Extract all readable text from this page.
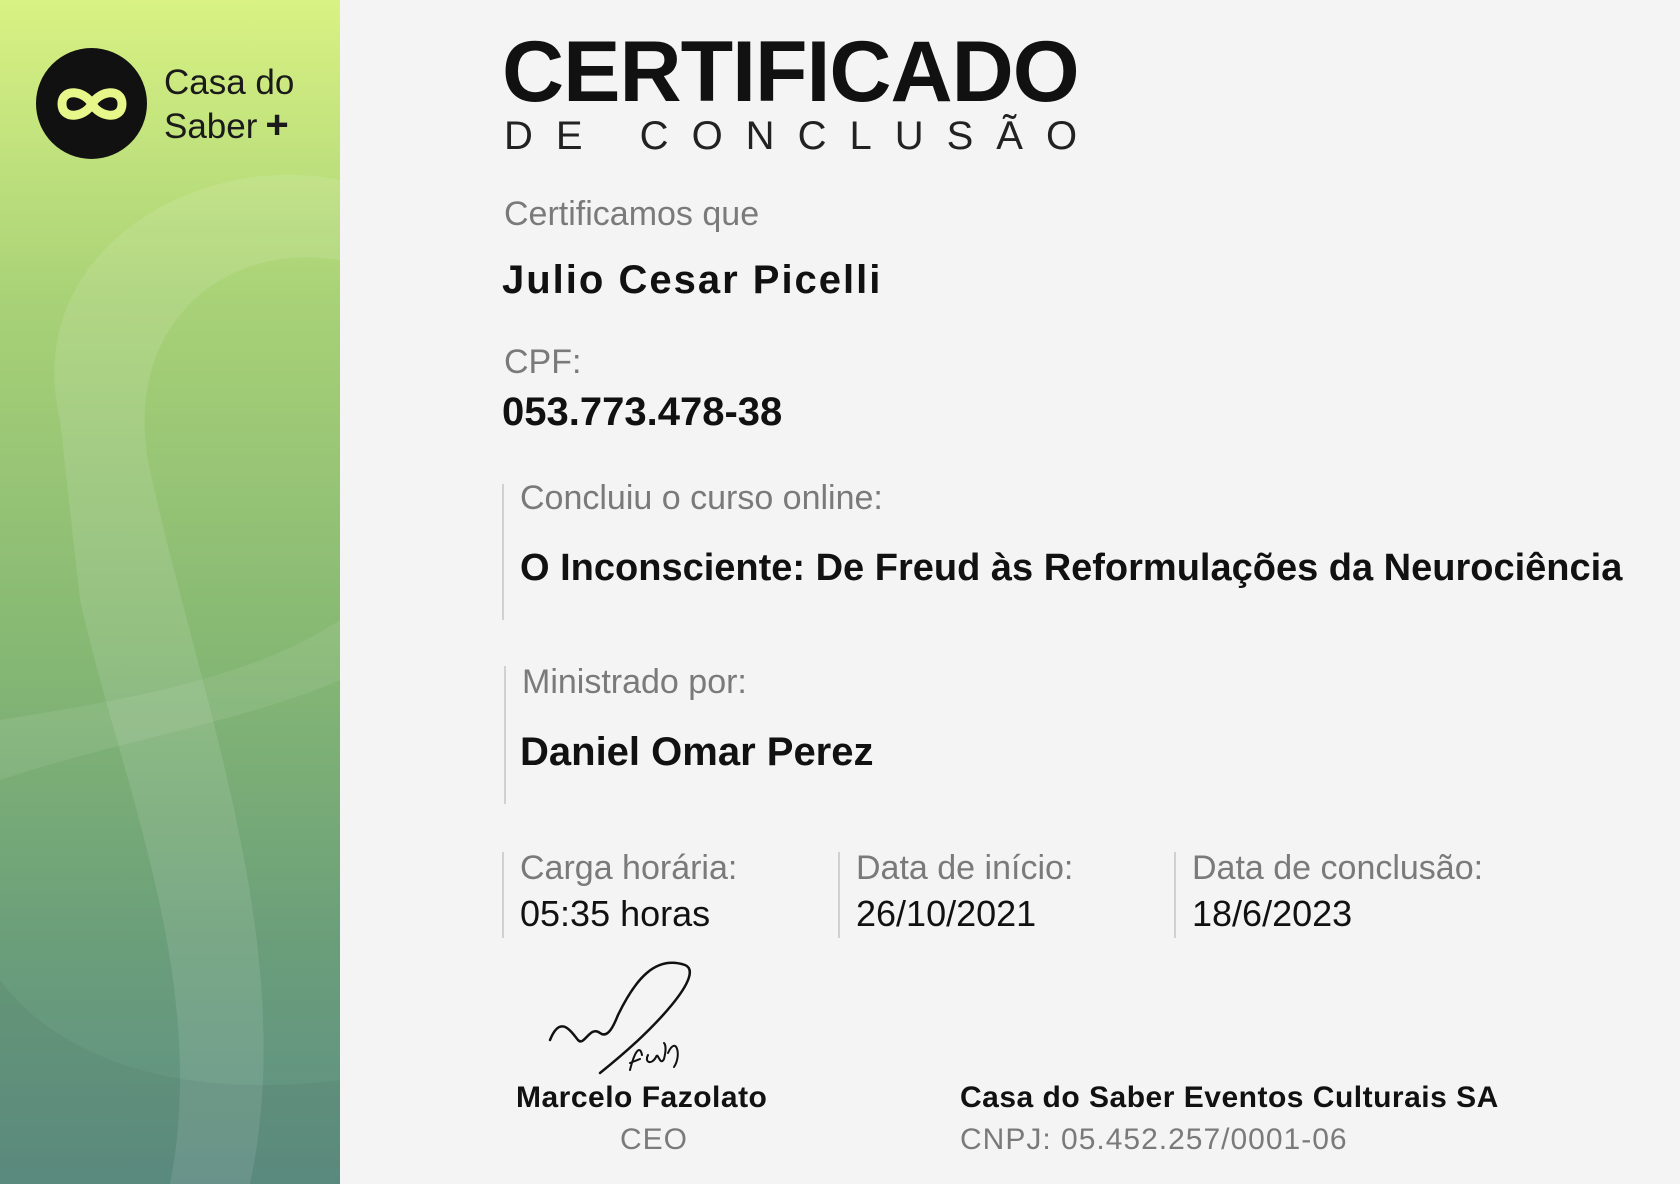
Casa do
Saber +
CERTIFICADO
DE CONCLUSÃO
Certificamos que
Julio Cesar Picelli
CPF:
053.773.478-38
Concluiu o curso online:
O Inconsciente: De Freud às Reformulações da Neurociência
Ministrado por:
Daniel Omar Perez
Carga horária:
05:35 horas
Data de início:
26/10/2021
Data de conclusão:
18/6/2023
Marcelo Fazolato
CEO
Casa do Saber Eventos Culturais SA
CNPJ: 05.452.257/0001-06
